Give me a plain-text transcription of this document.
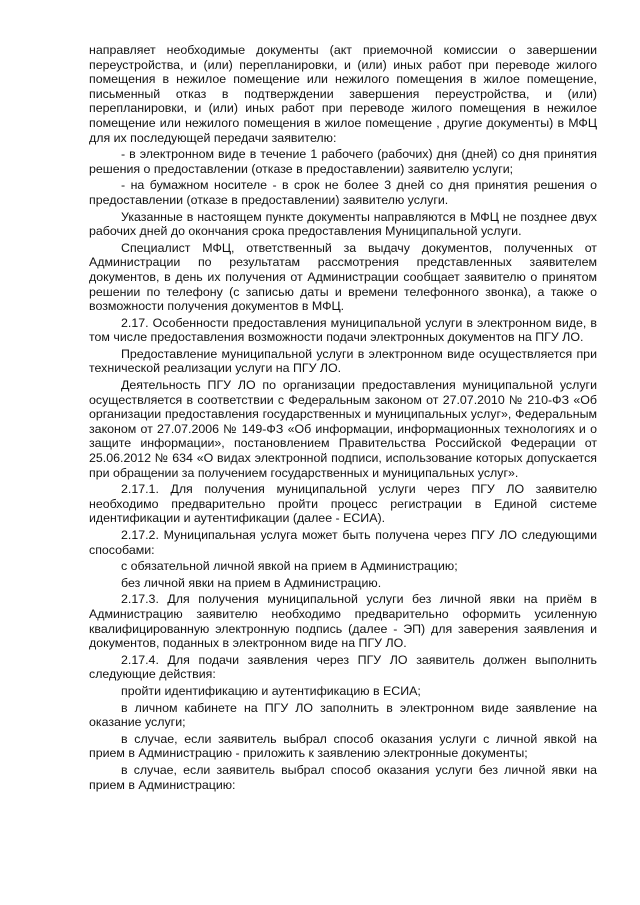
направляет необходимые документы (акт приемочной комиссии о завершении переустройства, и (или) перепланировки, и (или) иных работ при переводе жилого помещения в нежилое помещение или нежилого помещения в жилое помещение, письменный отказ в подтверждении завершения переустройства, и (или) перепланировки, и (или) иных работ при переводе жилого помещения в нежилое помещение или нежилого помещения в жилое помещение , другие документы) в МФЦ для их последующей передачи заявителю:

- в электронном виде в течение 1 рабочего (рабочих) дня (дней) со дня принятия решения о предоставлении (отказе в предоставлении) заявителю услуги;

- на бумажном носителе - в срок не более 3 дней со дня принятия решения о предоставлении (отказе в предоставлении) заявителю услуги.

Указанные в настоящем пункте документы направляются в МФЦ не позднее двух рабочих дней до окончания срока предоставления Муниципальной услуги.

Специалист МФЦ, ответственный за выдачу документов, полученных от Администрации по результатам рассмотрения представленных заявителем документов, в день их получения от Администрации сообщает заявителю о принятом решении по телефону (с записью даты и времени телефонного звонка), а также о возможности получения документов в МФЦ.

2.17. Особенности предоставления муниципальной услуги в электронном виде, в том числе предоставления возможности подачи электронных документов на ПГУ ЛО.

Предоставление муниципальной услуги в электронном виде осуществляется при технической реализации услуги на ПГУ ЛО.

Деятельность ПГУ ЛО по организации предоставления муниципальной услуги осуществляется в соответствии с Федеральным законом от 27.07.2010 № 210-ФЗ «Об организации предоставления государственных и муниципальных услуг», Федеральным законом от 27.07.2006 № 149-ФЗ «Об информации, информационных технологиях и о защите информации», постановлением Правительства Российской Федерации от 25.06.2012 № 634 «О видах электронной подписи, использование которых допускается при обращении за получением государственных и муниципальных услуг».

2.17.1. Для получения муниципальной услуги через ПГУ ЛО заявителю необходимо предварительно пройти процесс регистрации в Единой системе идентификации и аутентификации (далее - ЕСИА).

2.17.2. Муниципальная услуга может быть получена через ПГУ ЛО следующими способами:

с обязательной личной явкой на прием в Администрацию;

без личной явки на прием в Администрацию.

2.17.3. Для получения муниципальной услуги без личной явки на приём в Администрацию заявителю необходимо предварительно оформить усиленную квалифицированную электронную подпись (далее - ЭП) для заверения заявления и документов, поданных в электронном виде на ПГУ ЛО.

2.17.4. Для подачи заявления через ПГУ ЛО заявитель должен выполнить следующие действия:

пройти идентификацию и аутентификацию в ЕСИА;

в личном кабинете на ПГУ ЛО заполнить в электронном виде заявление на оказание услуги;

в случае, если заявитель выбрал способ оказания услуги с личной явкой на прием в Администрацию - приложить к заявлению электронные документы;

в случае, если заявитель выбрал способ оказания услуги без личной явки на прием в Администрацию:
